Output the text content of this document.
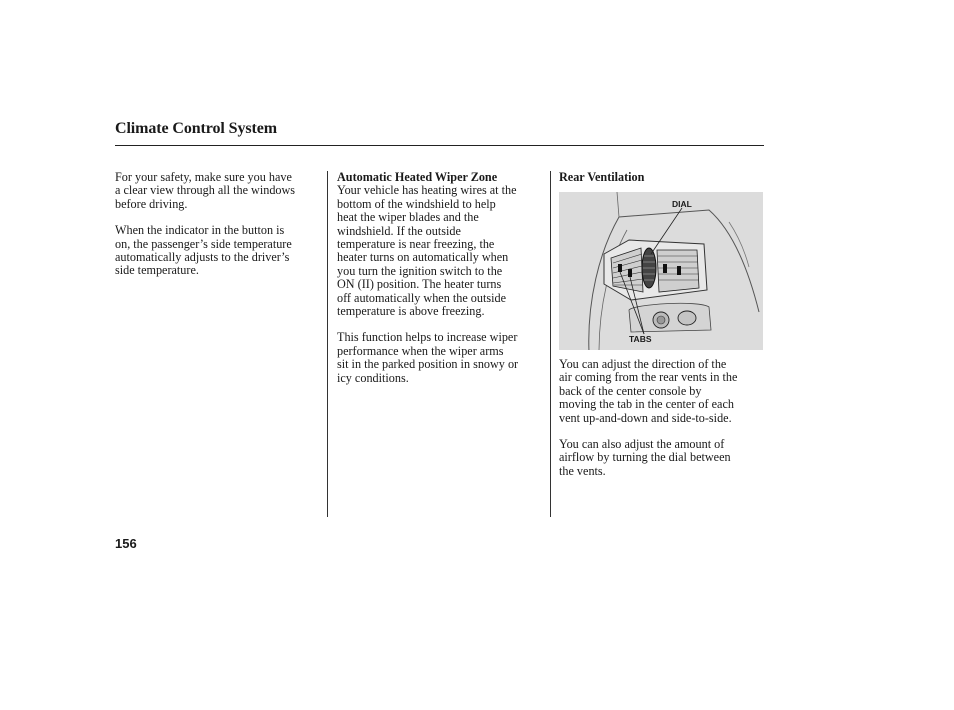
Climate Control System

For your safety, make sure you have
a clear view through all the windows
before driving.

When the indicator in the button is
on, the passenger’s side temperature
automatically adjusts to the driver’s
side temperature.

Automatic Heated Wiper Zone

Your vehicle has heating wires at the
bottom of the windshield to help
heat the wiper blades and the
windshield. If the outside
temperature is near freezing, the
heater turns on automatically when
you turn the ignition switch to the
ON (II) position. The heater turns
off automatically when the outside
temperature is above freezing.

This function helps to increase wiper
performance when the wiper arms
sit in the parked position in snowy or
icy conditions.

Rear Ventilation

DIAL
TABS

You can adjust the direction of the
air coming from the rear vents in the
back of the center console by
moving the tab in the center of each
vent up-and-down and side-to-side.

You can also adjust the amount of
airflow by turning the dial between
the vents.

156
